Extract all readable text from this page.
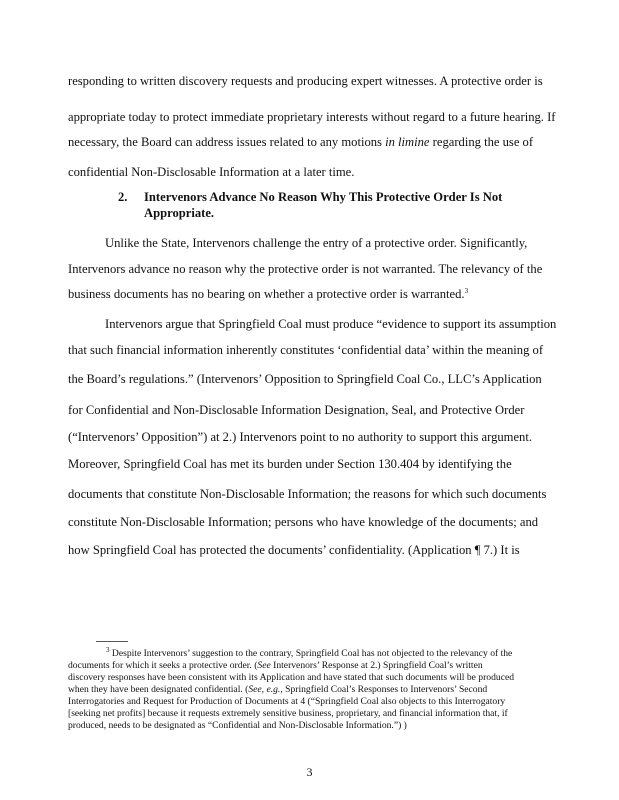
responding to written discovery requests and producing expert witnesses. A protective order is
appropriate today to protect immediate proprietary interests without regard to a future hearing. If
necessary, the Board can address issues related to any motions in limine regarding the use of
confidential Non-Disclosable Information at a later time.
2. Intervenors Advance No Reason Why This Protective Order Is Not
Appropriate.
Unlike the State, Intervenors challenge the entry of a protective order. Significantly,
Intervenors advance no reason why the protective order is not warranted. The relevancy of the
business documents has no bearing on whether a protective order is warranted.$^3$
Intervenors argue that Springfield Coal must produce “evidence to support its assumption
that such financial information inherently constitutes ‘confidential data’ within the meaning of
the Board’s regulations.” (Intervenors’ Opposition to Springfield Coal Co., LLC’s Application
for Confidential and Non-Disclosable Information Designation, Seal, and Protective Order
(“Intervenors’ Opposition”) at 2.) Intervenors point to no authority to support this argument.
Moreover, Springfield Coal has met its burden under Section 130.404 by identifying the
documents that constitute Non-Disclosable Information; the reasons for which such documents
constitute Non-Disclosable Information; persons who have knowledge of the documents; and
how Springfield Coal has protected the documents’ confidentiality. (Application ¶ 7.) It is
$^3$ Despite Intervenors’ suggestion to the contrary, Springfield Coal has not objected to the relevancy of the
documents for which it seeks a protective order. (See Intervenors’ Response at 2.) Springfield Coal’s written
discovery responses have been consistent with its Application and have stated that such documents will be produced
when they have been designated confidential. (See, e.g., Springfield Coal’s Responses to Intervenors’ Second
Interrogatories and Request for Production of Documents at 4 (“Springfield Coal also objects to this Interrogatory
[seeking net profits] because it requests extremely sensitive business, proprietary, and financial information that, if
produced, needs to be designated as “Confidential and Non-Disclosable Information.”) )
3
